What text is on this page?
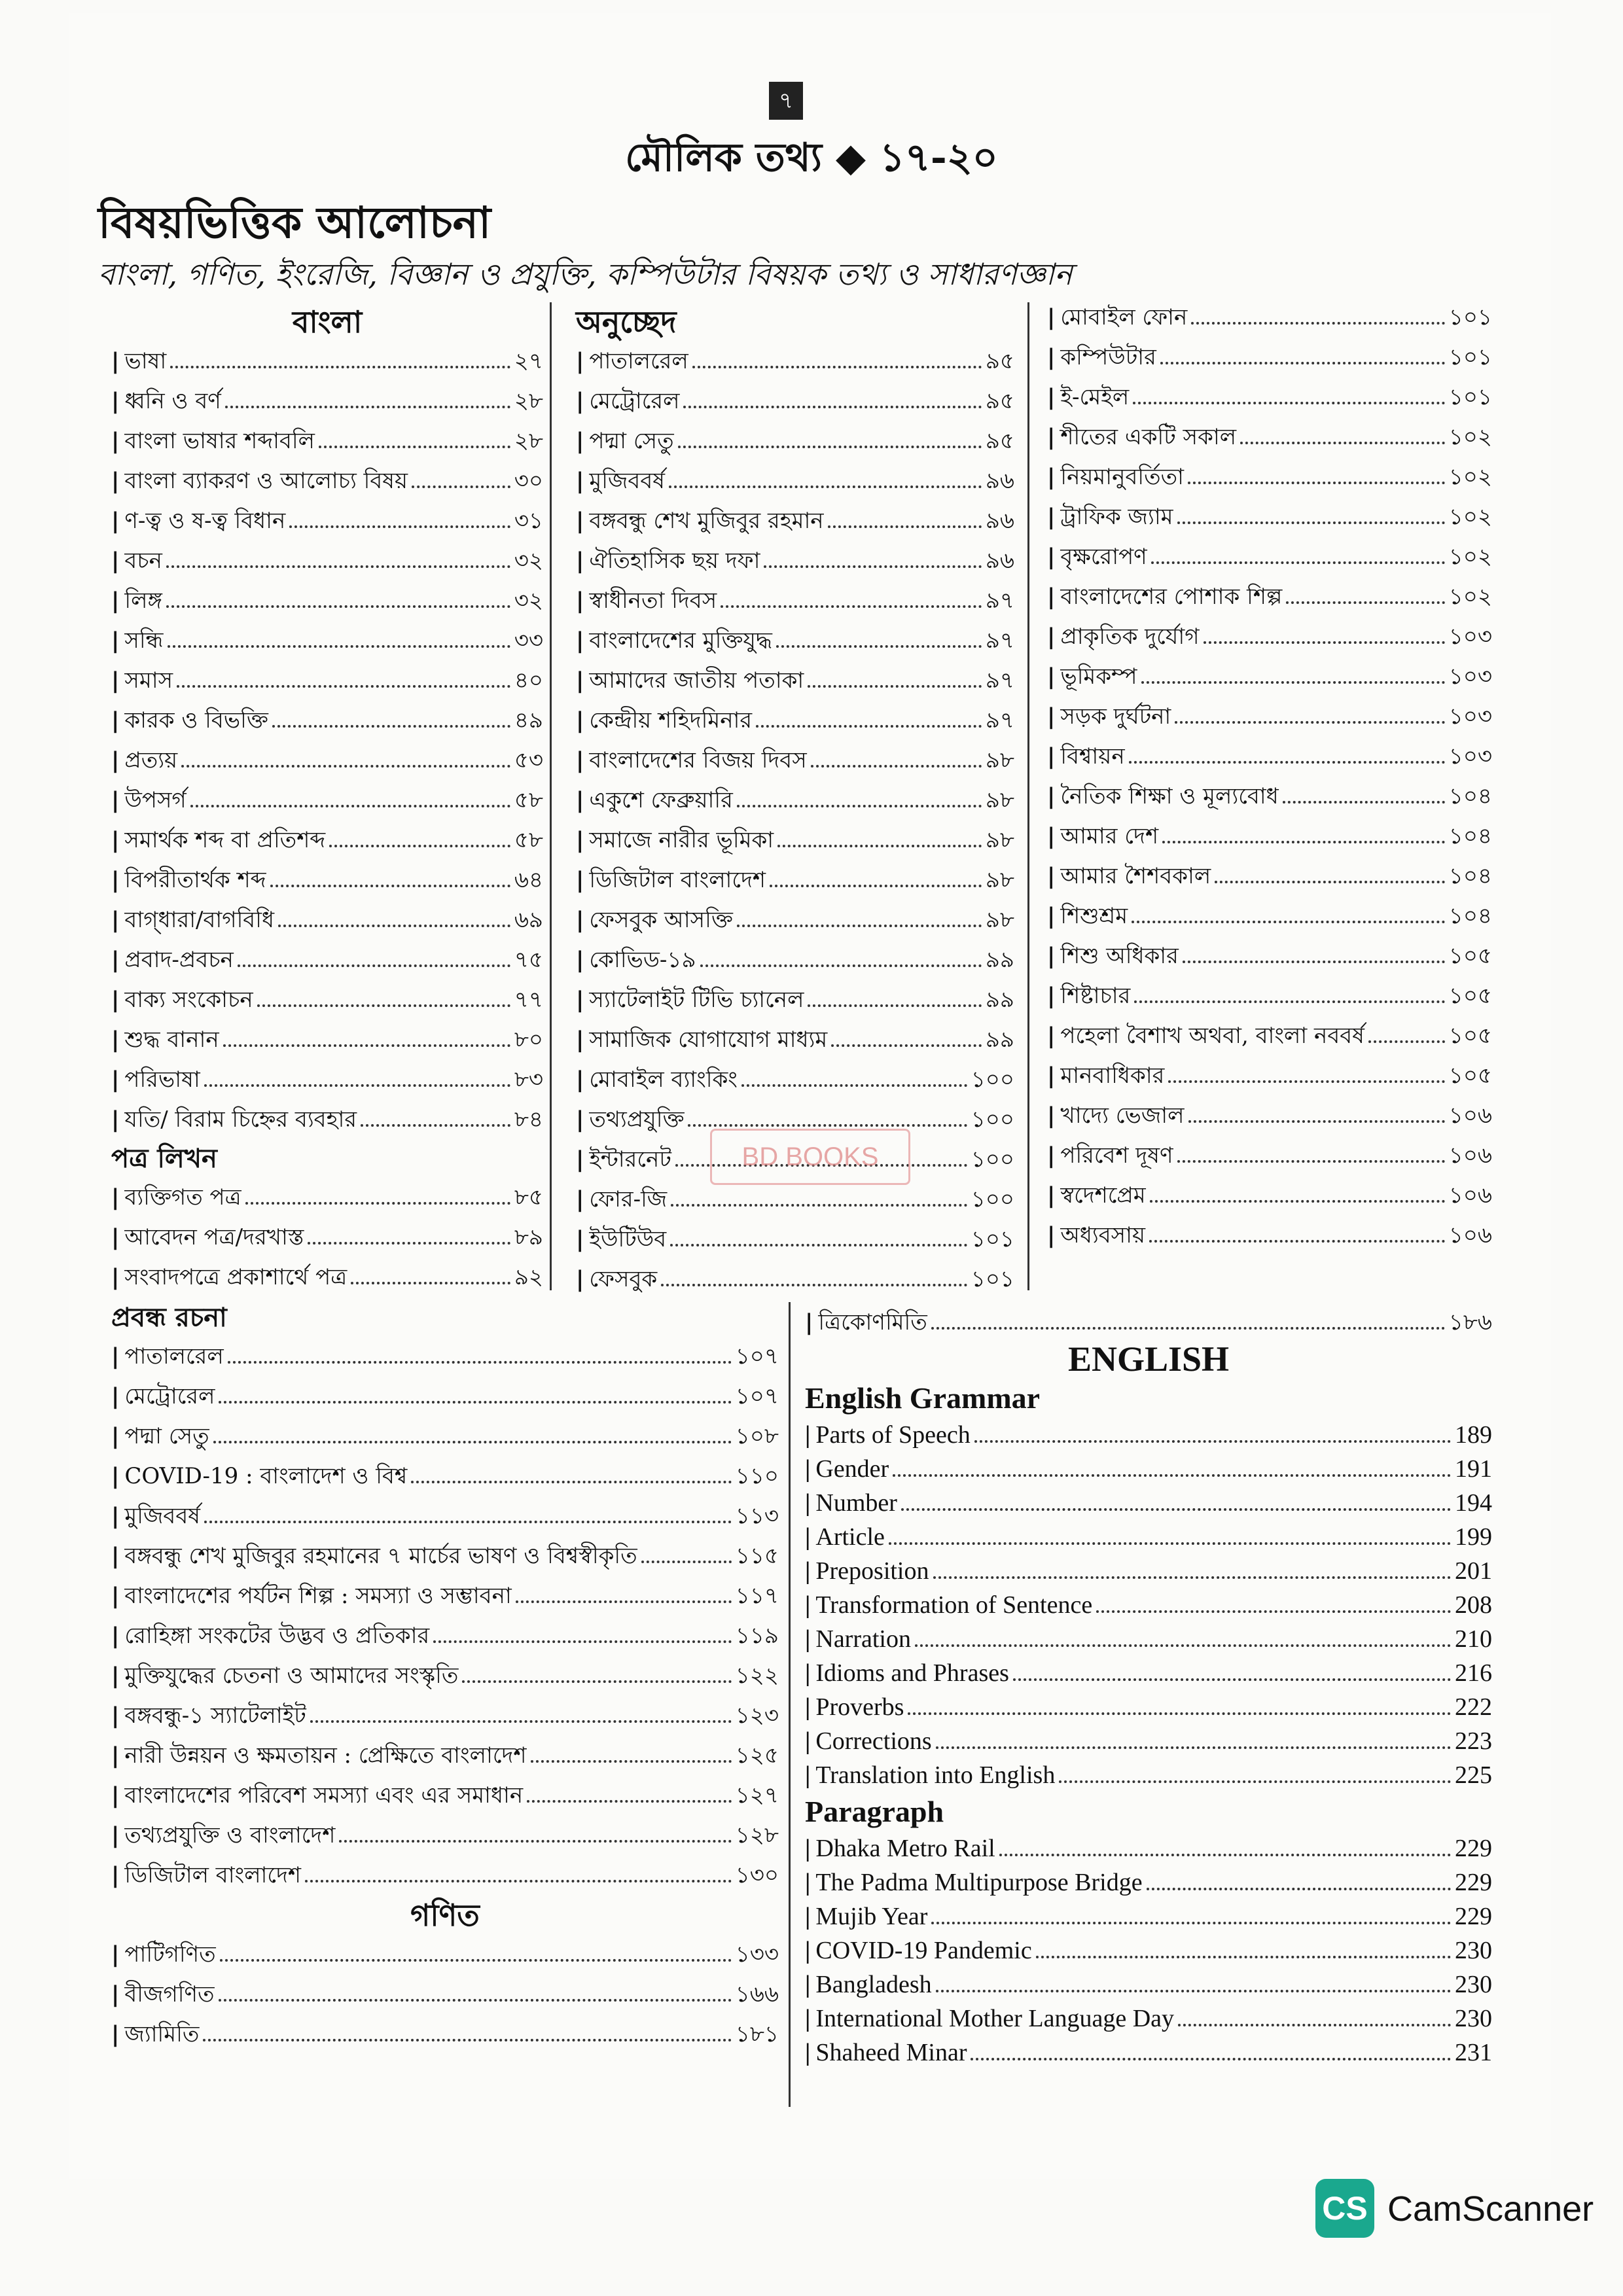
৭
মৌলিক তথ্য ◆ ১৭-২০
বিষয়ভিত্তিক আলোচনা
বাংলা, গণিত, ইংরেজি, বিজ্ঞান ও প্রযুক্তি, কম্পিউটার বিষয়ক তথ্য ও সাধারণজ্ঞান
বাংলা
| ভাষা	২৭
| ধ্বনি ও বর্ণ	২৮
| বাংলা ভাষার শব্দাবলি	২৮
| বাংলা ব্যাকরণ ও আলোচ্য বিষয়	৩০
| ণ-ত্ব ও ষ-ত্ব বিধান	৩১
| বচন	৩২
| লিঙ্গ	৩২
| সন্ধি	৩৩
| সমাস	৪০
| কারক ও বিভক্তি	৪৯
| প্রত্যয়	৫৩
| উপসর্গ	৫৮
| সমার্থক শব্দ বা প্রতিশব্দ	৫৮
| বিপরীতার্থক শব্দ	৬৪
| বাগ্‌ধারা/বাগবিধি	৬৯
| প্রবাদ-প্রবচন	৭৫
| বাক্য সংকোচন	৭৭
| শুদ্ধ বানান	৮০
| পরিভাষা	৮৩
| যতি/ বিরাম চিহ্নের ব্যবহার	৮৪
পত্র লিখন
| ব্যক্তিগত পত্র	৮৫
| আবেদন পত্র/দরখাস্ত	৮৯
| সংবাদপত্রে প্রকাশার্থে পত্র	৯২
অনুচ্ছেদ
| পাতালরেল	৯৫
| মেট্রোরেল	৯৫
| পদ্মা সেতু	৯৫
| মুজিববর্ষ	৯৬
| বঙ্গবন্ধু শেখ মুজিবুর রহমান	৯৬
| ঐতিহাসিক ছয় দফা	৯৬
| স্বাধীনতা দিবস	৯৭
| বাংলাদেশের মুক্তিযুদ্ধ	৯৭
| আমাদের জাতীয় পতাকা	৯৭
| কেন্দ্রীয় শহিদমিনার	৯৭
| বাংলাদেশের বিজয় দিবস	৯৮
| একুশে ফেব্রুয়ারি	৯৮
| সমাজে নারীর ভূমিকা	৯৮
| ডিজিটাল বাংলাদেশ	৯৮
| ফেসবুক আসক্তি	৯৮
| কোভিড-১৯	৯৯
| স্যাটেলাইট টিভি চ্যানেল	৯৯
| সামাজিক যোগাযোগ মাধ্যম	৯৯
| মোবাইল ব্যাংকিং	১০০
| তথ্যপ্রযুক্তি	১০০
| ইন্টারনেট	১০০
| ফোর-জি	১০০
| ইউটিউব	১০১
| ফেসবুক	১০১
| মোবাইল ফোন	১০১
| কম্পিউটার	১০১
| ই-মেইল	১০১
| শীতের একটি সকাল	১০২
| নিয়মানুবর্তিতা	১০২
| ট্রাফিক জ্যাম	১০২
| বৃক্ষরোপণ	১০২
| বাংলাদেশের পোশাক শিল্প	১০২
| প্রাকৃতিক দুর্যোগ	১০৩
| ভূমিকম্প	১০৩
| সড়ক দুর্ঘটনা	১০৩
| বিশ্বায়ন	১০৩
| নৈতিক শিক্ষা ও মূল্যবোধ	১০৪
| আমার দেশ	১০৪
| আমার শৈশবকাল	১০৪
| শিশুশ্রম	১০৪
| শিশু অধিকার	১০৫
| শিষ্টাচার	১০৫
| পহেলা বৈশাখ অথবা, বাংলা নববর্ষ	১০৫
| মানবাধিকার	১০৫
| খাদ্যে ভেজাল	১০৬
| পরিবেশ দূষণ	১০৬
| স্বদেশপ্রেম	১০৬
| অধ্যবসায়	১০৬
প্রবন্ধ রচনা
| পাতালরেল	১০৭
| মেট্রোরেল	১০৭
| পদ্মা সেতু	১০৮
| COVID-19 : বাংলাদেশ ও বিশ্ব	১১০
| মুজিববর্ষ	১১৩
| বঙ্গবন্ধু শেখ মুজিবুর রহমানের ৭ মার্চের ভাষণ ও বিশ্বস্বীকৃতি	১১৫
| বাংলাদেশের পর্যটন শিল্প : সমস্যা ও সম্ভাবনা	১১৭
| রোহিঙ্গা সংকটের উদ্ভব ও প্রতিকার	১১৯
| মুক্তিযুদ্ধের চেতনা ও আমাদের সংস্কৃতি	১২২
| বঙ্গবন্ধু-১ স্যাটেলাইট	১২৩
| নারী উন্নয়ন ও ক্ষমতায়ন : প্রেক্ষিতে বাংলাদেশ	১২৫
| বাংলাদেশের পরিবেশ সমস্যা এবং এর সমাধান	১২৭
| তথ্যপ্রযুক্তি ও বাংলাদেশ	১২৮
| ডিজিটাল বাংলাদেশ	১৩০
গণিত
| পাটিগণিত	১৩৩
| বীজগণিত	১৬৬
| জ্যামিতি	১৮১
| ত্রিকোণমিতি	১৮৬
ENGLISH
English Grammar
| Parts of Speech	189
| Gender	191
| Number	194
| Article	199
| Preposition	201
| Transformation of Sentence	208
| Narration	210
| Idioms and Phrases	216
| Proverbs	222
| Corrections	223
| Translation into English	225
Paragraph
| Dhaka Metro Rail	229
| The Padma Multipurpose Bridge	229
| Mujib Year	229
| COVID-19 Pandemic	230
| Bangladesh	230
| International Mother Language Day	230
| Shaheed Minar	231
BD BOOKS
CS CamScanner
